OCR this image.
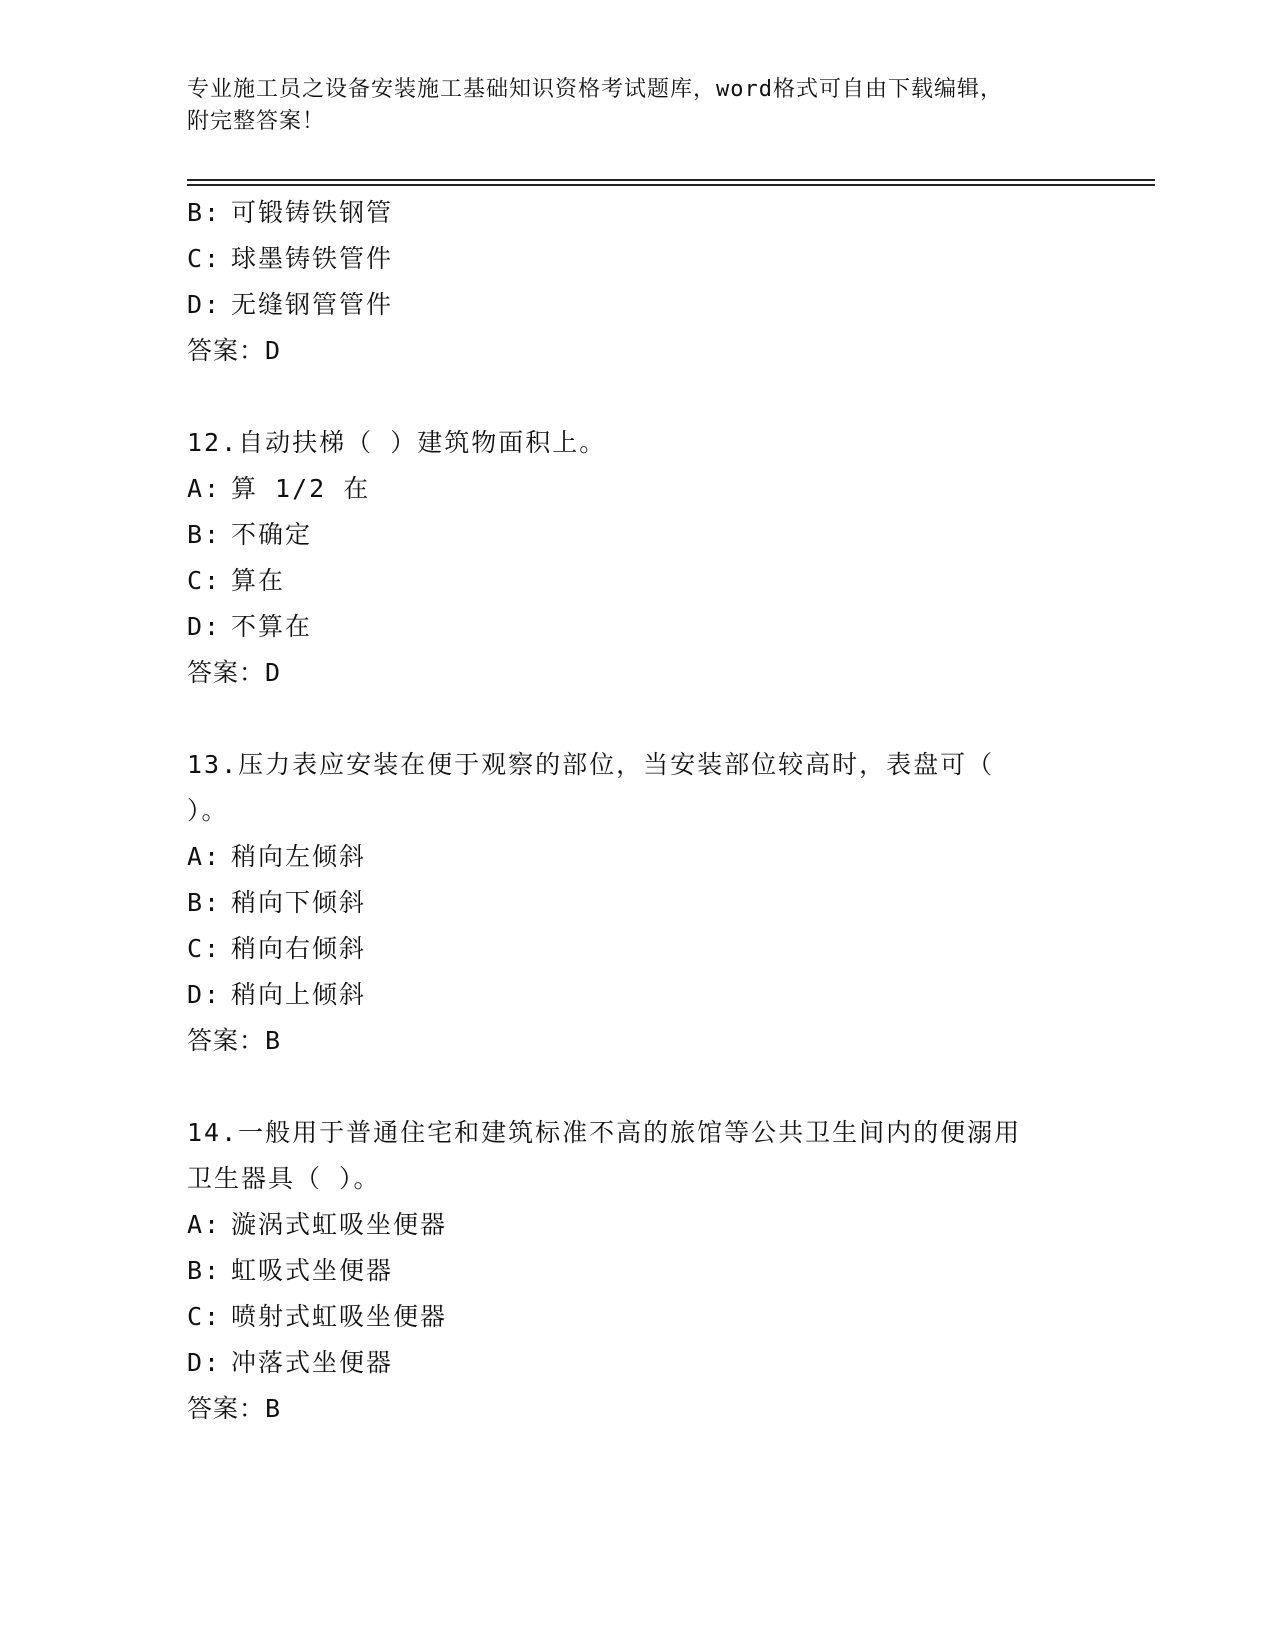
专业施工员之设备安装施工基础知识资格考试题库，word格式可自由下载编辑，
附完整答案！
B: 可锻铸铁钢管
C: 球墨铸铁管件
D: 无缝钢管管件
答案：D
12.自动扶梯（ ）建筑物面积上。
A: 算 1/2 在
B: 不确定
C: 算在
D: 不算在
答案：D
13.压力表应安装在便于观察的部位，当安装部位较高时，表盘可（
）。
A: 稍向左倾斜
B: 稍向下倾斜
C: 稍向右倾斜
D: 稍向上倾斜
答案：B
14.一般用于普通住宅和建筑标准不高的旅馆等公共卫生间内的便溺用
卫生器具（ ）。
A: 漩涡式虹吸坐便器
B: 虹吸式坐便器
C: 喷射式虹吸坐便器
D: 冲落式坐便器
答案：B
